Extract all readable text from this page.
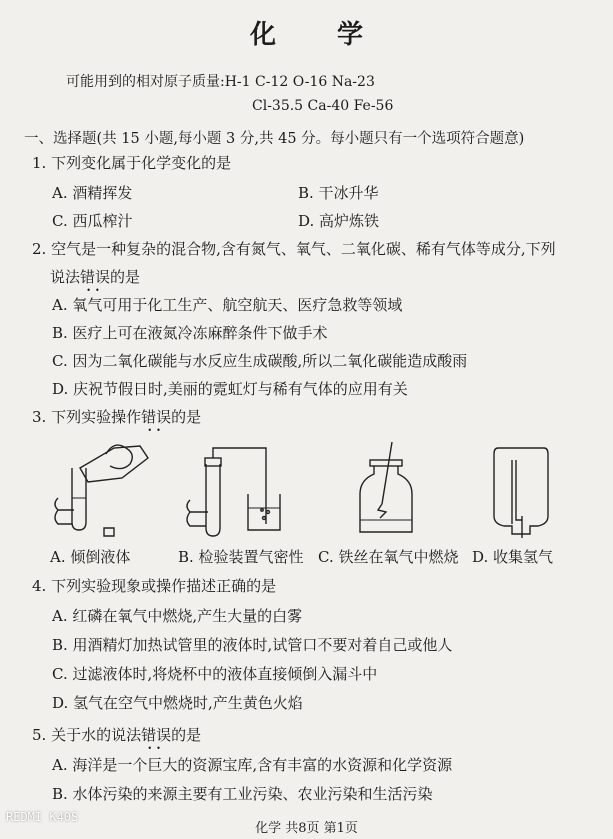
化 学
可能用到的相对原子质量:H-1 C-12 O-16 Na-23
Cl-35.5 Ca-40 Fe-56
一、选择题(共 15 小题,每小题 3 分,共 45 分。每小题只有一个选项符合题意)
1. 下列变化属于化学变化的是
A. 酒精挥发	B. 干冰升华
C. 西瓜榨汁	D. 高炉炼铁
2. 空气是一种复杂的混合物,含有氮气、氧气、二氧化碳、稀有气体等成分,下列
说法错误 ••的是
A. 氧气可用于化工生产、航空航天、医疗急救等领域
B. 医疗上可在液氮冷冻麻醉条件下做手术
C. 因为二氧化碳能与水反应生成碳酸,所以二氧化碳能造成酸雨
D. 庆祝节假日时,美丽的霓虹灯与稀有气体的应用有关
3. 下列实验操作错误 ••的是
A. 倾倒液体	B. 检验装置气密性 C. 铁丝在氧气中燃烧 D. 收集氢气
4. 下列实验现象或操作描述正确的是
A. 红磷在氧气中燃烧,产生大量的白雾
B. 用酒精灯加热试管里的液体时,试管口不要对着自己或他人
C. 过滤液体时,将烧杯中的液体直接倾倒入漏斗中
D. 氢气在空气中燃烧时,产生黄色火焰
5. 关于水的说法错误 ••的是
A. 海洋是一个巨大的资源宝库,含有丰富的水资源和化学资源
B. 水体污染的来源主要有工业污染、农业污染和生活污染
化学 共8页 第1页
REDMI K40S
